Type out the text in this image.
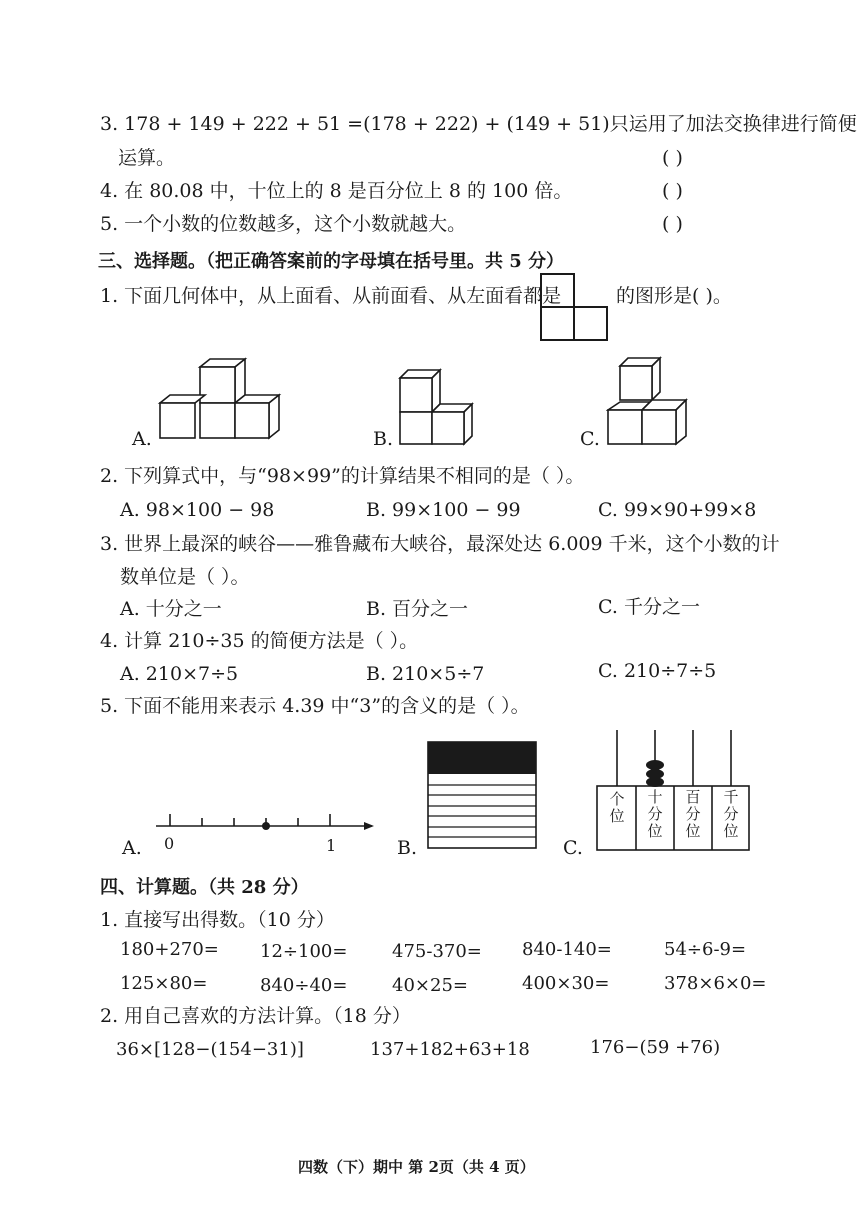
3. 178 + 149 + 222 + 51 =(178 + 222) + (149 + 51)只运用了加法交换律进行简便
运算。	( )
4. 在 80.08 中，十位上的 8 是百分位上 8 的 100 倍。	( )
5. 一个小数的位数越多，这个小数就越大。	( )
三、选择题。（把正确答案前的字母填在括号里。共 5 分）
1. 下面几何体中，从上面看、从前面看、从左面看都是	的图形是( )。
A.	B.	C.
2. 下列算式中，与“98×99”的计算结果不相同的是（ ）。
A. 98×100 − 98	B. 99×100 − 99	C. 99×90+99×8
3. 世界上最深的峡谷——雅鲁藏布大峡谷，最深处达 6.009 千米，这个小数的计
数单位是（ ）。
A. 十分之一	B. 百分之一	C. 千分之一
4. 计算 210÷35 的简便方法是（ ）。
A. 210×7÷5	B. 210×5÷7	C. 210÷7÷5
5. 下面不能用来表示 4.39 中“3”的含义的是（ ）。
A. 0	1	B.	C.
个位
十分位
百分位
千分位
四、计算题。（共 28 分）
1. 直接写出得数。（10 分）
180+270= 12÷100= 475-370= 840-140=	54÷6-9=
125×80=	840÷40= 40×25=	400×30=	378×6×0=
2. 用自己喜欢的方法计算。（18 分）
36×[128−(154−31)]	137+182+63+18	176−(59 +76)
四数（下）期中 第 2页（共 4 页）
